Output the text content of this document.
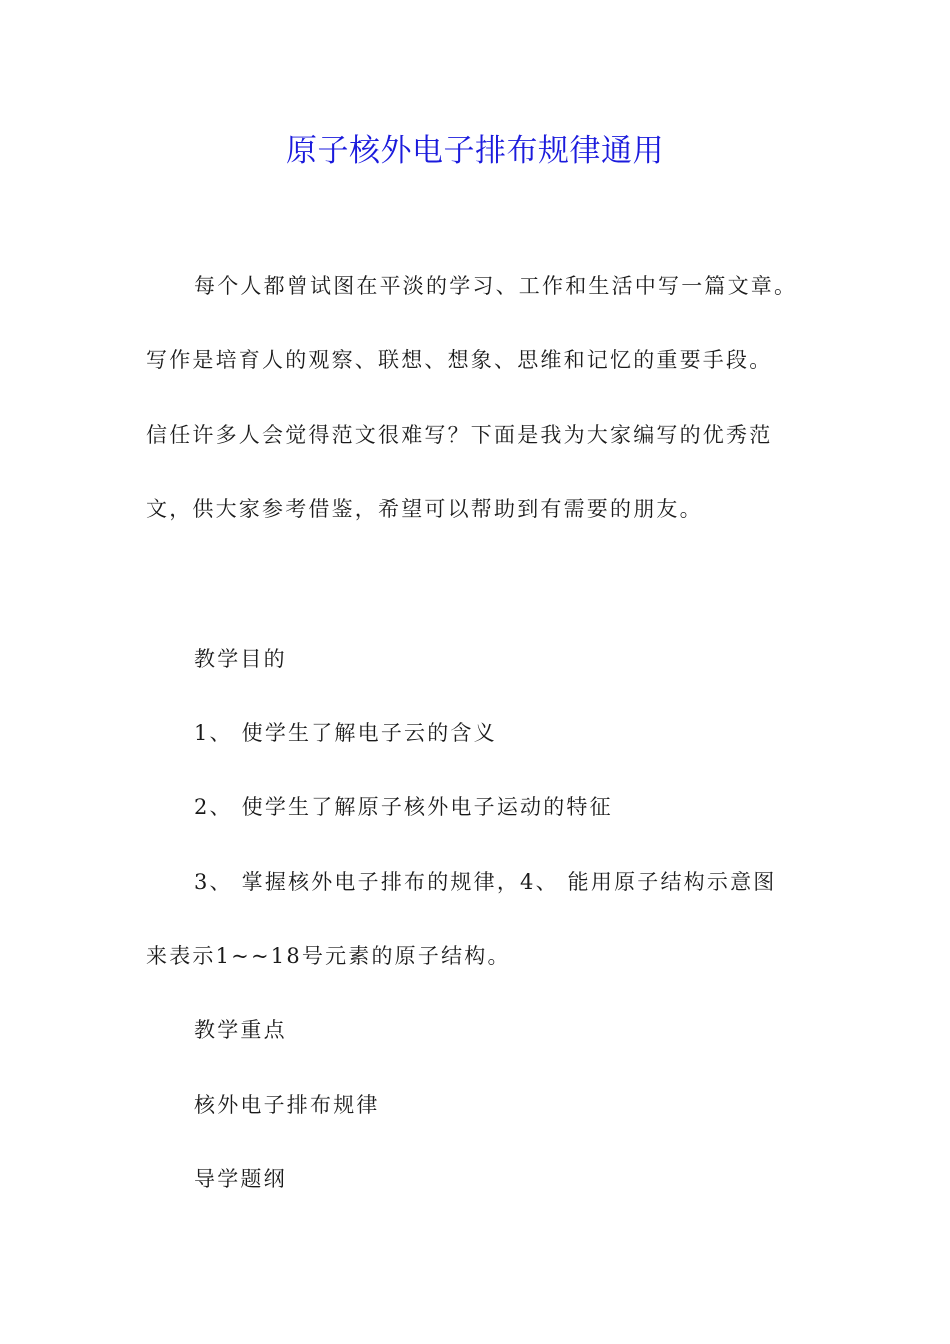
原子核外电子排布规律通用
每个人都曾试图在平淡的学习、工作和生活中写一篇文章。
写作是培育人的观察、联想、想象、思维和记忆的重要手段。
信任许多人会觉得范文很难写？下面是我为大家编写的优秀范
文，供大家参考借鉴，希望可以帮助到有需要的朋友。
教学目的
1、 使学生了解电子云的含义
2、 使学生了解原子核外电子运动的特征
3、 掌握核外电子排布的规律，4、 能用原子结构示意图
来表示1~~18号元素的原子结构。
教学重点
核外电子排布规律
导学题纲
